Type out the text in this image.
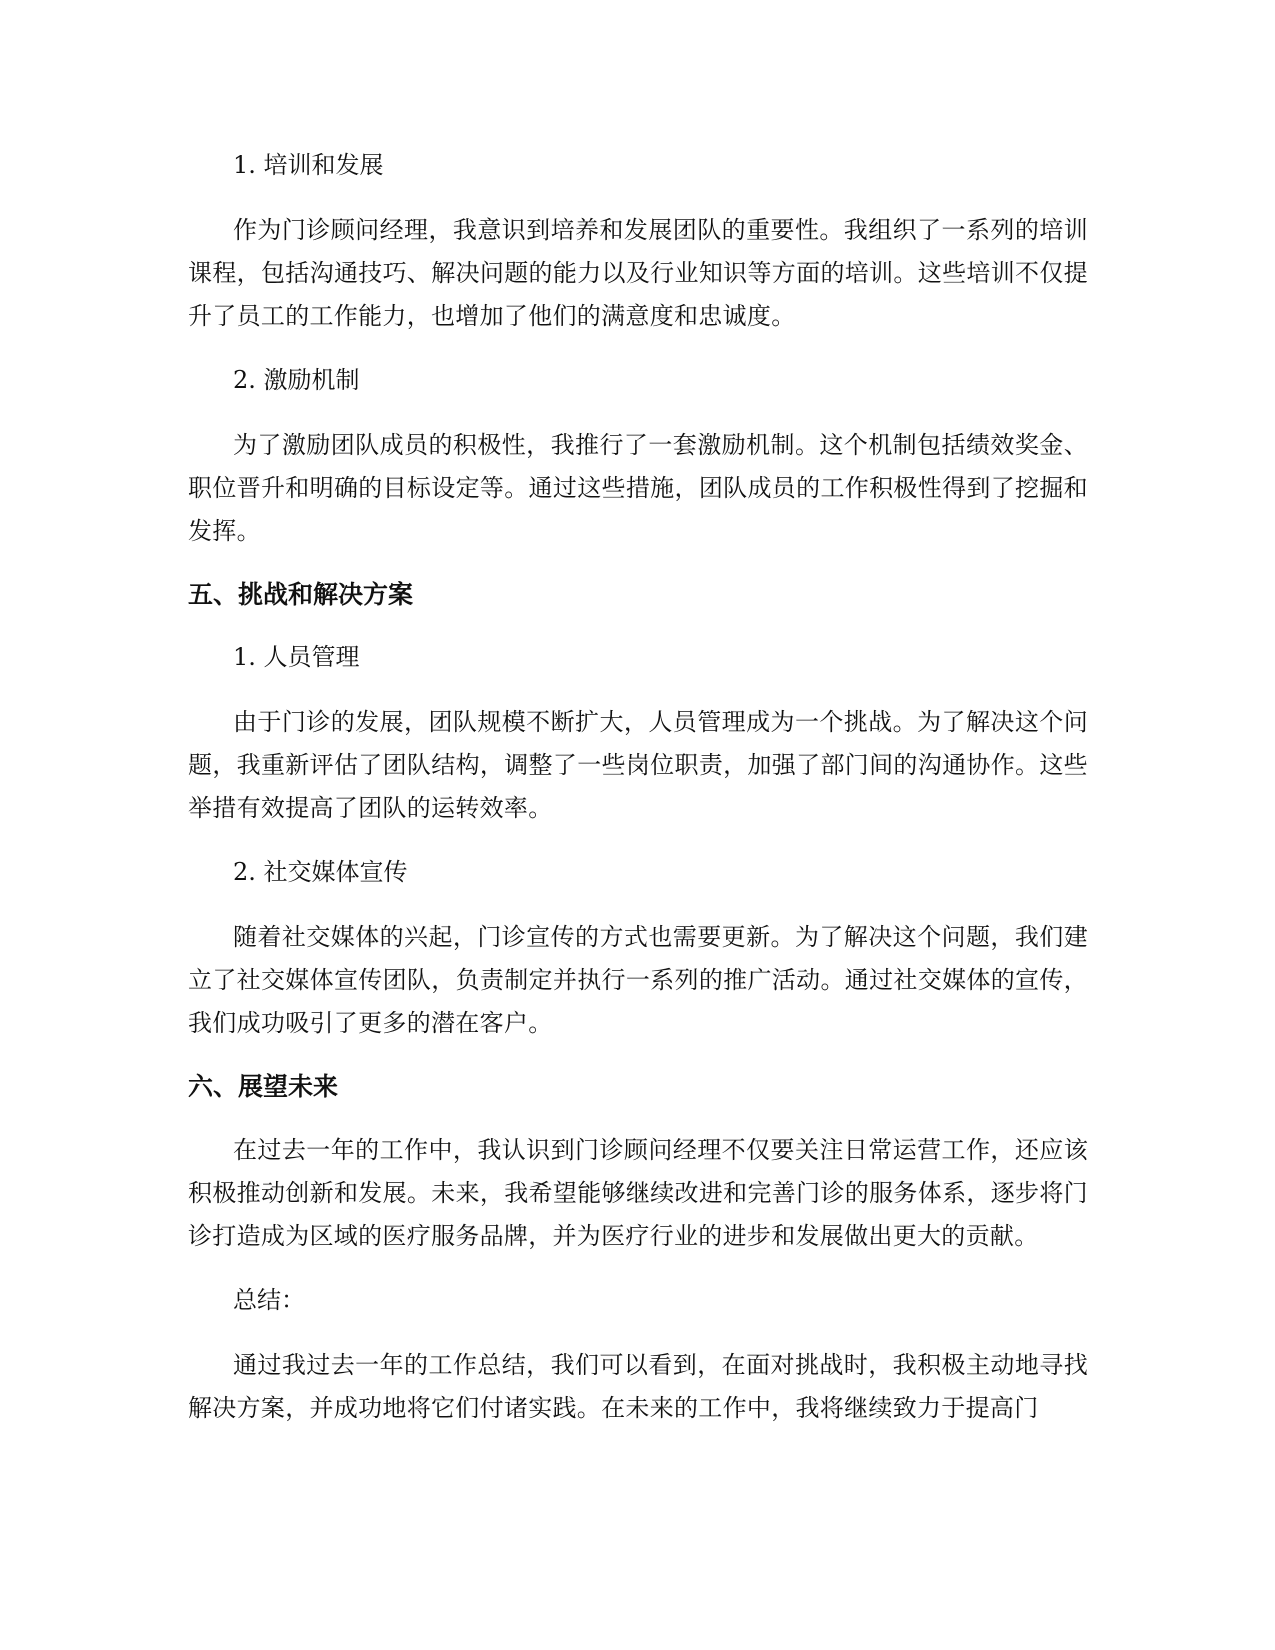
1. 培训和发展

作为门诊顾问经理，我意识到培养和发展团队的重要性。我组织了一系列的培训课程，包括沟通技巧、解决问题的能力以及行业知识等方面的培训。这些培训不仅提升了员工的工作能力，也增加了他们的满意度和忠诚度。

2. 激励机制

为了激励团队成员的积极性，我推行了一套激励机制。这个机制包括绩效奖金、职位晋升和明确的目标设定等。通过这些措施，团队成员的工作积极性得到了挖掘和发挥。

五、挑战和解决方案
1. 人员管理

由于门诊的发展，团队规模不断扩大，人员管理成为一个挑战。为了解决这个问题，我重新评估了团队结构，调整了一些岗位职责，加强了部门间的沟通协作。这些举措有效提高了团队的运转效率。

2. 社交媒体宣传

随着社交媒体的兴起，门诊宣传的方式也需要更新。为了解决这个问题，我们建立了社交媒体宣传团队，负责制定并执行一系列的推广活动。通过社交媒体的宣传，我们成功吸引了更多的潜在客户。

六、展望未来

在过去一年的工作中，我认识到门诊顾问经理不仅要关注日常运营工作，还应该积极推动创新和发展。未来，我希望能够继续改进和完善门诊的服务体系，逐步将门诊打造成为区域的医疗服务品牌，并为医疗行业的进步和发展做出更大的贡献。

总结：

通过我过去一年的工作总结，我们可以看到，在面对挑战时，我积极主动地寻找解决方案，并成功地将它们付诸实践。在未来的工作中，我将继续致力于提高门
